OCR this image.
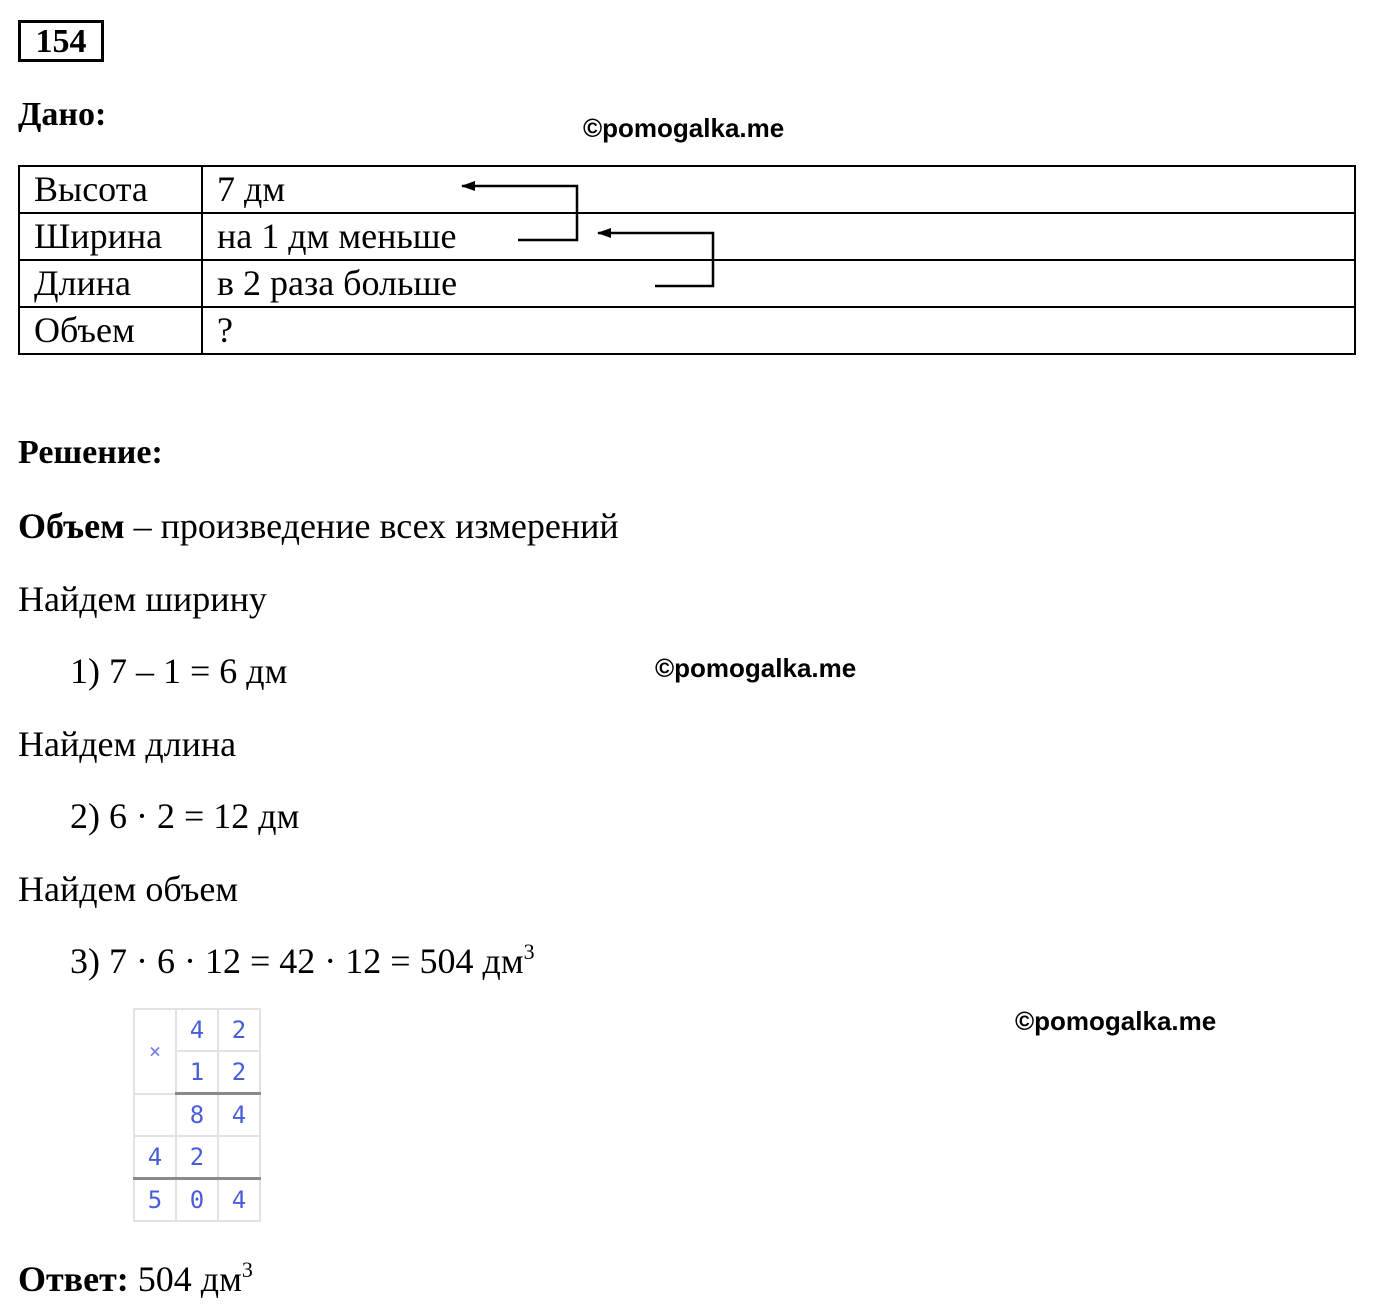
154
Дано:	©pomogalka.me
Высота	7 дм
Ширина	на 1 дм меньше
Длина	в 2 раза больше
Объем	?
Решение:
Объем – произведение всех измерений
Найдем ширину
1) 7 – 1 = 6 дм	©pomogalka.me
Найдем длина
2) 6 · 2 = 12 дм
Найдем объем
3) 7 · 6 · 12 = 42 · 12 = 504 $дм^3$
©pomogalka.me
×	4	2
	1	2
	8	4
4	2	
5	0	4
Ответ: 504 $дм^3$
